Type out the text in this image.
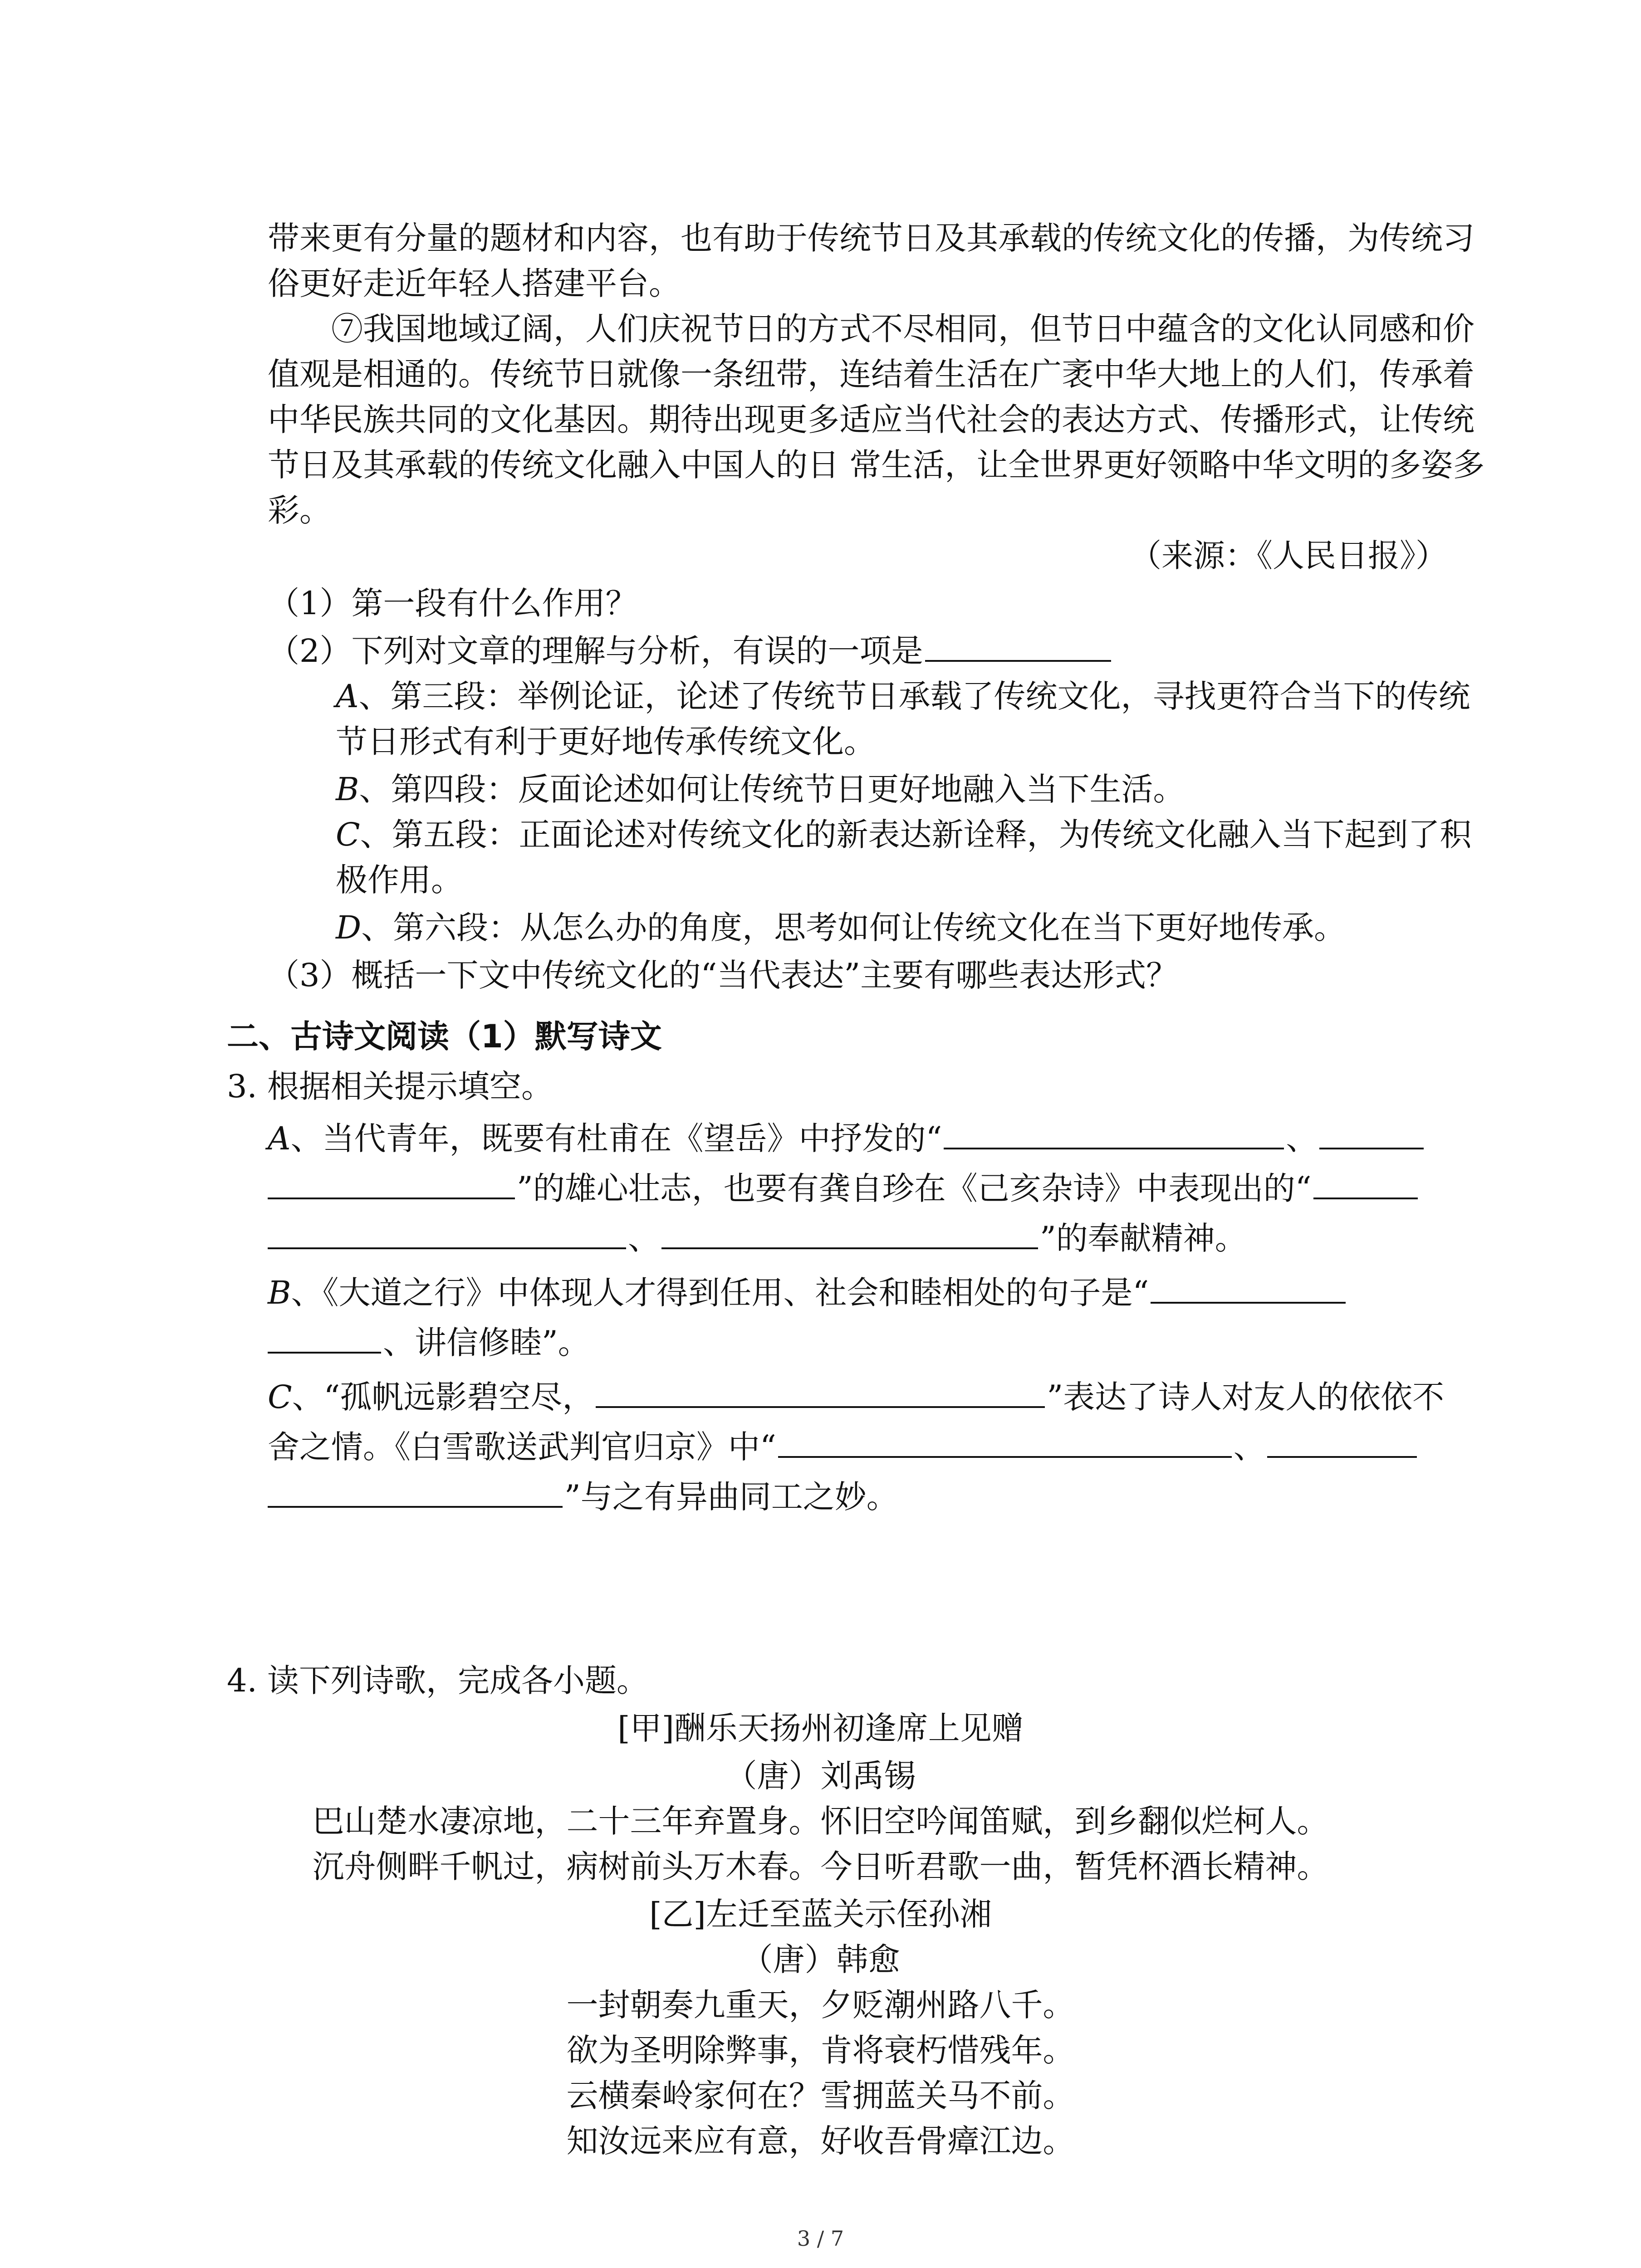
带来更有分量的题材和内容，也有助于传统节日及其承载的传统文化的传播，为传统习
俗更好走近年轻人搭建平台。
⑦我国地域辽阔，人们庆祝节日的方式不尽相同，但节日中蕴含的文化认同感和价
值观是相通的。传统节日就像一条纽带，连结着生活在广袤中华大地上的人们，传承着
中华民族共同的文化基因。期待出现更多适应当代社会的表达方式、传播形式，让传统
节日及其承载的传统文化融入中国人的日 常生活，让全世界更好领略中华文明的多姿多
彩。
（来源：《人民日报》）
（1）第一段有什么作用？
（2）下列对文章的理解与分析，有误的一项是
A、第三段：举例论证，论述了传统节日承载了传统文化，寻找更符合当下的传统
节日形式有利于更好地传承传统文化。
B、第四段：反面论述如何让传统节日更好地融入当下生活。
C、第五段：正面论述对传统文化的新表达新诠释，为传统文化融入当下起到了积
极作用。
D、第六段：从怎么办的角度，思考如何让传统文化在当下更好地传承。
（3）概括一下文中传统文化的“当代表达”主要有哪些表达形式？
二、古诗文阅读（1）默写诗文
3. 根据相关提示填空。
A、当代青年，既要有杜甫在《望岳》中抒发的“	、
”的雄心壮志，也要有龚自珍在《己亥杂诗》中表现出的“
、	”的奉献精神。
B、《大道之行》中体现人才得到任用、社会和睦相处的句子是“
、讲信修睦”。
C、“孤帆远影碧空尽，	”表达了诗人对友人的依依不
舍之情。《白雪歌送武判官归京》中“	、
”与之有异曲同工之妙。
4. 读下列诗歌，完成各小题。
[甲]酬乐天扬州初逢席上见赠
（唐）刘禹锡
巴山楚水凄凉地，二十三年弃置身。怀旧空吟闻笛赋，到乡翻似烂柯人。
沉舟侧畔千帆过，病树前头万木春。今日听君歌一曲，暂凭杯酒长精神。
[乙]左迁至蓝关示侄孙湘
（唐）韩愈
一封朝奏九重天，夕贬潮州路八千。
欲为圣明除弊事，肯将衰朽惜残年。
云横秦岭家何在？雪拥蓝关马不前。
知汝远来应有意，好收吾骨瘴江边。
3 / 7
